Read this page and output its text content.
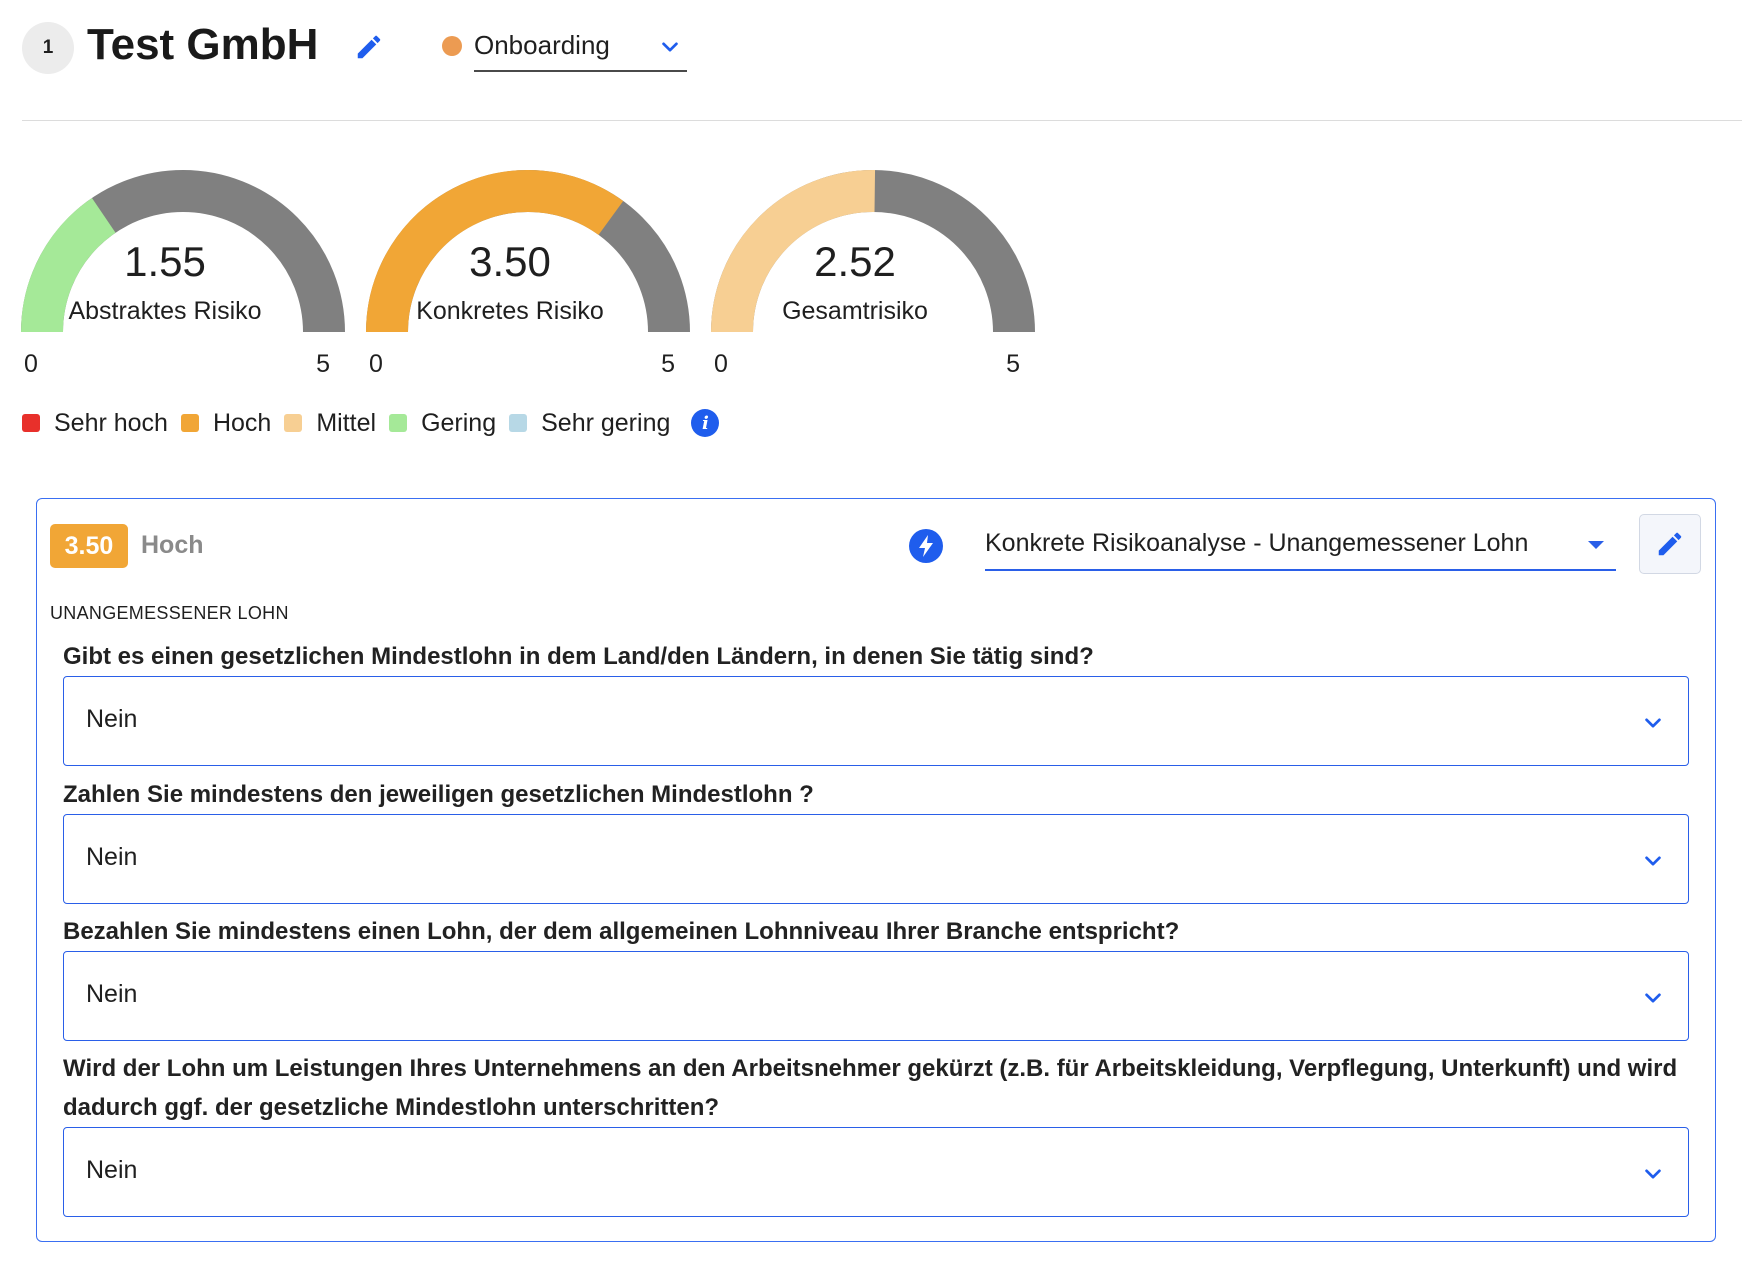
1 Test GmbH	Onboarding
1.55
Abstraktes Risiko
0	5
3.50
Konkretes Risiko
0	5
2.52
Gesamtrisiko
0	5
Sehr hoch Hoch Mittel Gering Sehr gering	i
3.50	Hoch	Konkrete Risikoanalyse - Unangemessener Lohn
UNANGEMESSENER LOHN
Gibt es einen gesetzlichen Mindestlohn in dem Land/den Ländern, in denen Sie tätig sind?
Nein
Zahlen Sie mindestens den jeweiligen gesetzlichen Mindestlohn ?
Nein
Bezahlen Sie mindestens einen Lohn, der dem allgemeinen Lohnniveau Ihrer Branche entspricht?
Nein
Wird der Lohn um Leistungen Ihres Unternehmens an den Arbeitsnehmer gekürzt (z.B. für Arbeitskleidung, Verpflegung, Unterkunft) und wird dadurch ggf. der gesetzliche Mindestlohn unterschritten?
Nein
